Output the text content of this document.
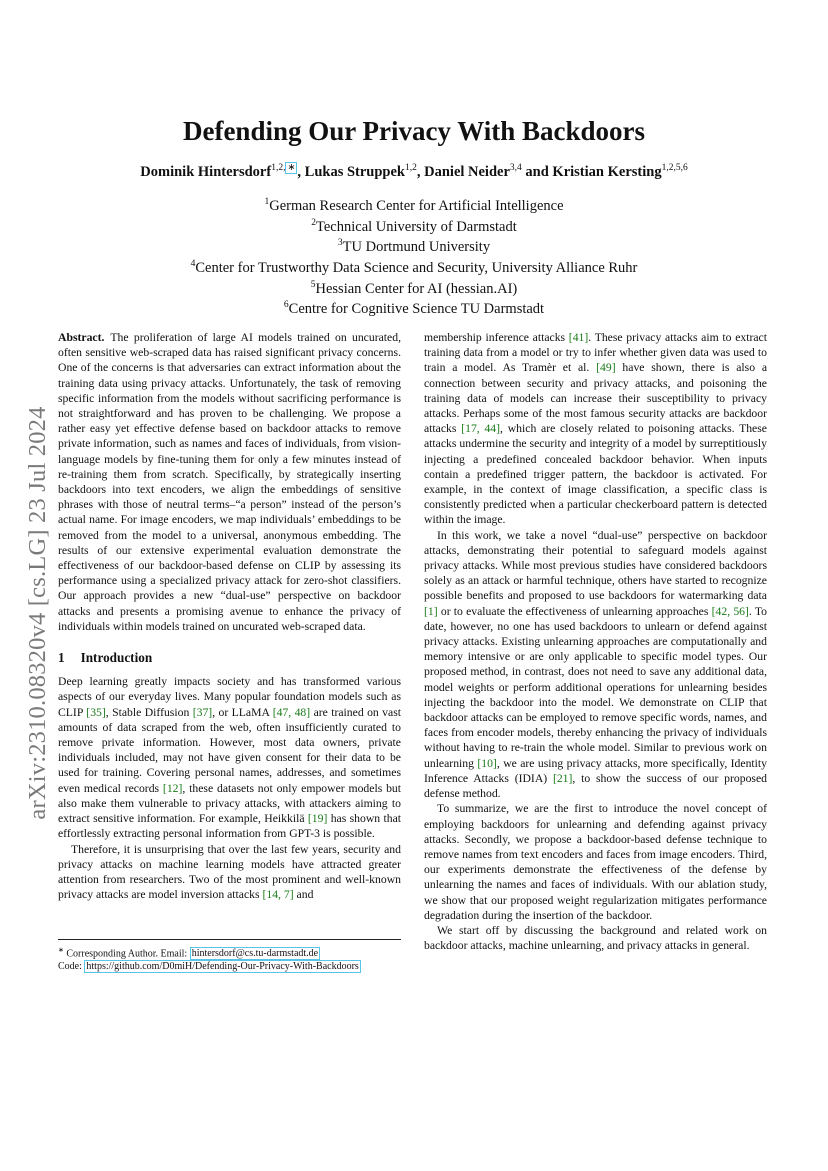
arXiv:2310.08320v4 [cs.LG] 23 Jul 2024
Defending Our Privacy With Backdoors
Dominik Hintersdorf$^{1,2,}$ ∗ , Lukas Struppek$^{1,2}$, Daniel Neider$^{3,4}$ and Kristian Kersting$^{1,2,5,6}$
$^1$German Research Center for Artificial Intelligence
$^2$Technical University of Darmstadt
$^3$TU Dortmund University
$^4$Center for Trustworthy Data Science and Security, University Alliance Ruhr
$^5$Hessian Center for AI (hessian.AI)
$^6$Centre for Cognitive Science TU Darmstadt

Abstract. The proliferation of large AI models trained on uncurated, often sensitive web-scraped data has raised significant privacy concerns. One of the concerns is that adversaries can extract information about the training data using privacy attacks. Unfortunately, the task of removing specific information from the models without sacrificing performance is not straightforward and has proven to be challenging. We propose a rather easy yet effective defense based on backdoor attacks to remove private information, such as names and faces of individuals, from vision-language models by fine-tuning them for only a few minutes instead of re-training them from scratch. Specifically, by strategically inserting backdoors into text encoders, we align the embeddings of sensitive phrases with those of neutral terms–“a person” instead of the person’s actual name. For image encoders, we map individuals’ embeddings to be removed from the model to a universal, anonymous embedding. The results of our extensive experimental evaluation demonstrate the effectiveness of our backdoor-based defense on CLIP by assessing its performance using a specialized privacy attack for zero-shot classifiers. Our approach provides a new “dual-use” perspective on backdoor attacks and presents a promising avenue to enhance the privacy of individuals within models trained on uncurated web-scraped data.

1 Introduction

Deep learning greatly impacts society and has transformed various aspects of our everyday lives. Many popular foundation models such as CLIP [35], Stable Diffusion [37], or LLaMA [47, 48] are trained on vast amounts of data scraped from the web, often insufficiently curated to remove private information. However, most data owners, private individuals included, may not have given consent for their data to be used for training. Covering personal names, addresses, and sometimes even medical records [12], these datasets not only empower models but also make them vulnerable to privacy attacks, with attackers aiming to extract sensitive information. For example, Heikkilä [19] has shown that effortlessly extracting personal information from GPT-3 is possible.

Therefore, it is unsurprising that over the last few years, security and privacy attacks on machine learning models have attracted greater attention from researchers. Two of the most prominent and well-known privacy attacks are model inversion attacks [14, 7] and

membership inference attacks [41]. These privacy attacks aim to extract training data from a model or try to infer whether given data was used to train a model. As Tramèr et al. [49] have shown, there is also a connection between security and privacy attacks, and poisoning the training data of models can increase their susceptibility to privacy attacks. Perhaps some of the most famous security attacks are backdoor attacks [17, 44], which are closely related to poisoning attacks. These attacks undermine the security and integrity of a model by surreptitiously injecting a predefined concealed backdoor behavior. When inputs contain a predefined trigger pattern, the backdoor is activated. For example, in the context of image classification, a specific class is consistently predicted when a particular checkerboard pattern is detected within the image.

In this work, we take a novel “dual-use” perspective on backdoor attacks, demonstrating their potential to safeguard models against privacy attacks. While most previous studies have considered backdoors solely as an attack or harmful technique, others have started to recognize possible benefits and proposed to use backdoors for watermarking data [1] or to evaluate the effectiveness of unlearning approaches [42, 56]. To date, however, no one has used backdoors to unlearn or defend against privacy attacks. Existing unlearning approaches are computationally and memory intensive or are only applicable to specific model types. Our proposed method, in contrast, does not need to save any additional data, model weights or perform additional operations for unlearning besides injecting the backdoor into the model. We demonstrate on CLIP that backdoor attacks can be employed to remove specific words, names, and faces from encoder models, thereby enhancing the privacy of individuals without having to re-train the whole model. Similar to previous work on unlearning [10], we are using privacy attacks, more specifically, Identity Inference Attacks (IDIA) [21], to show the success of our proposed defense method.

To summarize, we are the first to introduce the novel concept of employing backdoors for unlearning and defending against privacy attacks. Secondly, we propose a backdoor-based defense technique to remove names from text encoders and faces from image encoders. Third, our experiments demonstrate the effectiveness of the defense by unlearning the names and faces of individuals. With our ablation study, we show that our proposed weight regularization mitigates performance degradation during the insertion of the backdoor.

We start off by discussing the background and related work on backdoor attacks, machine unlearning, and privacy attacks in general.

∗ Corresponding Author. Email: hintersdorf@cs.tu-darmstadt.de
Code: https://github.com/D0miH/Defending-Our-Privacy-With-Backdoors
